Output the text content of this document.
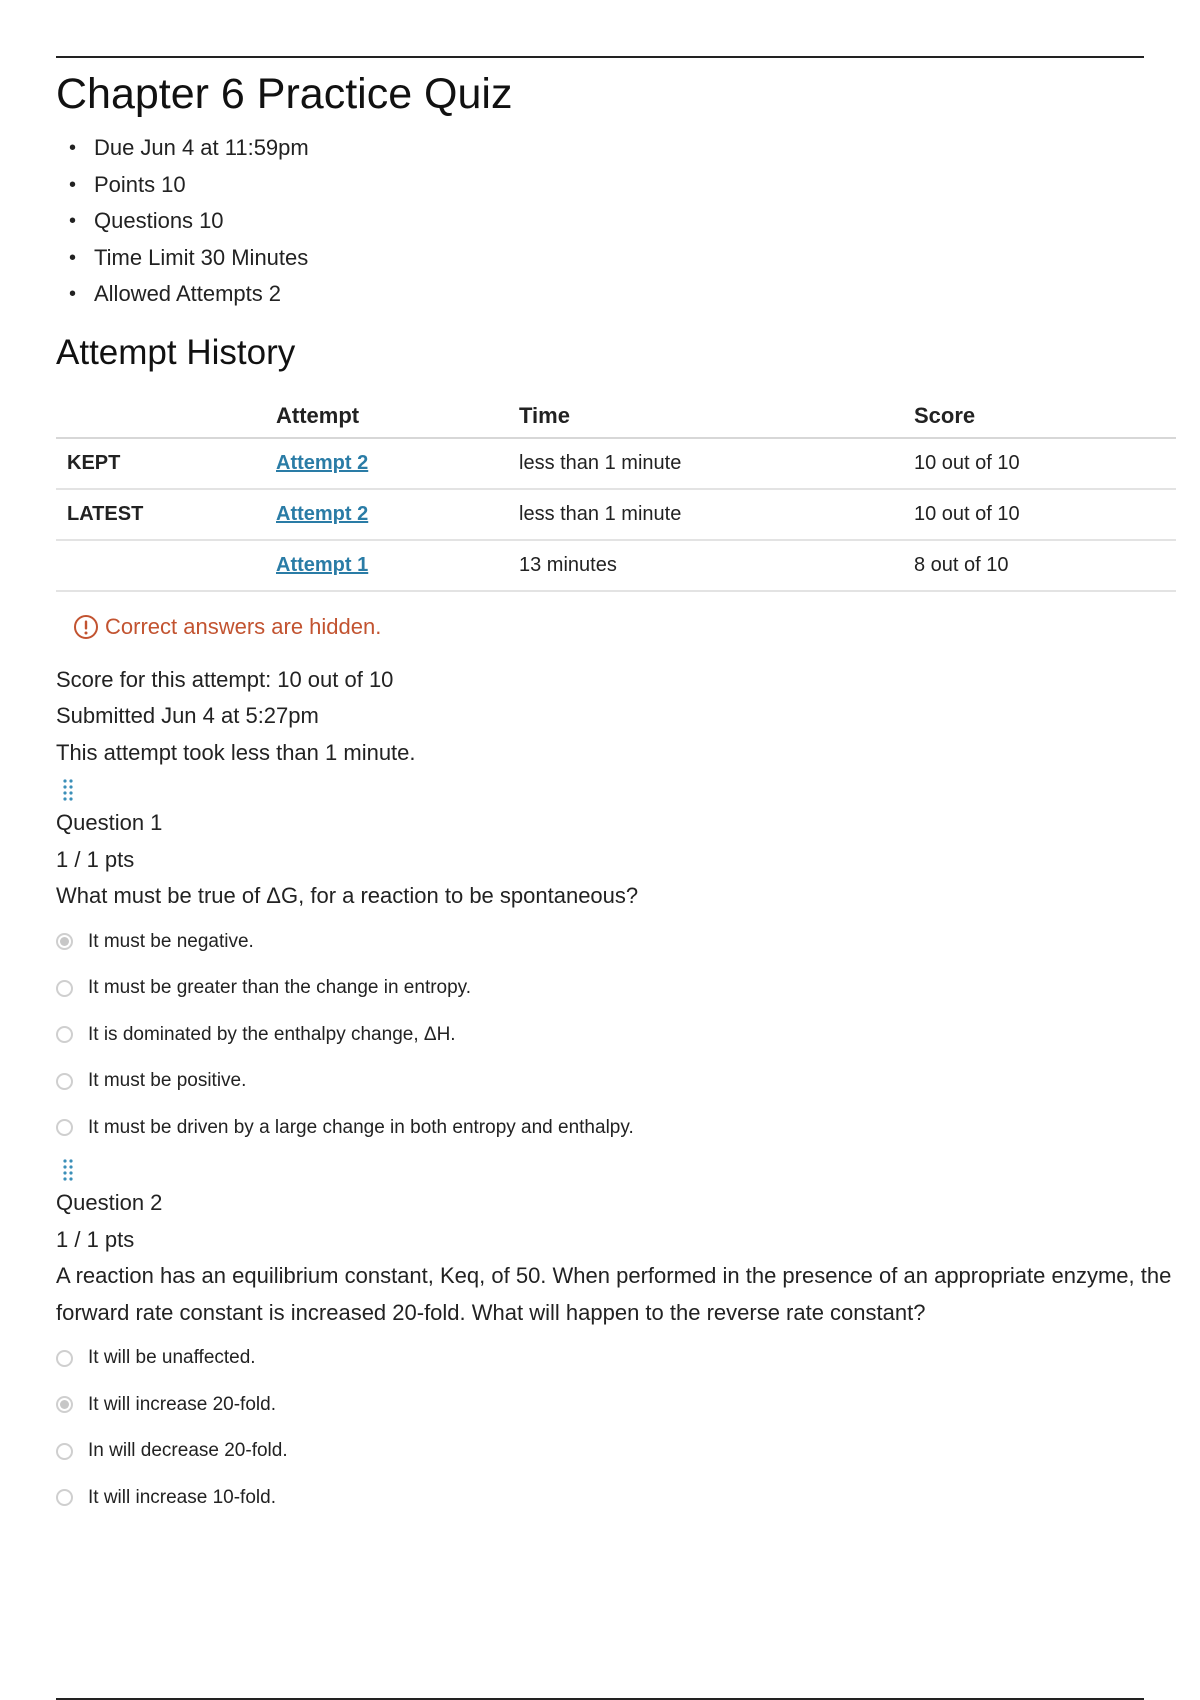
Chapter 6 Practice Quiz
• Due Jun 4 at 11:59pm
• Points 10
• Questions 10
• Time Limit 30 Minutes
• Allowed Attempts 2
Attempt History
	Attempt	Time	Score
KEPT	Attempt 2	less than 1 minute	10 out of 10
LATEST	Attempt 2	less than 1 minute	10 out of 10
	Attempt 1	13 minutes	8 out of 10
Correct answers are hidden.
Score for this attempt: 10 out of 10
Submitted Jun 4 at 5:27pm
This attempt took less than 1 minute.
Question 1
1 / 1 pts
What must be true of ΔG, for a reaction to be spontaneous?
It must be negative.
It must be greater than the change in entropy.
It is dominated by the enthalpy change, ΔH.
It must be positive.
It must be driven by a large change in both entropy and enthalpy.
Question 2
1 / 1 pts
A reaction has an equilibrium constant, Keq, of 50. When performed in the presence of an appropriate enzyme, the forward rate constant is increased 20-fold. What will happen to the reverse rate constant?
It will be unaffected.
It will increase 20-fold.
In will decrease 20-fold.
It will increase 10-fold.
